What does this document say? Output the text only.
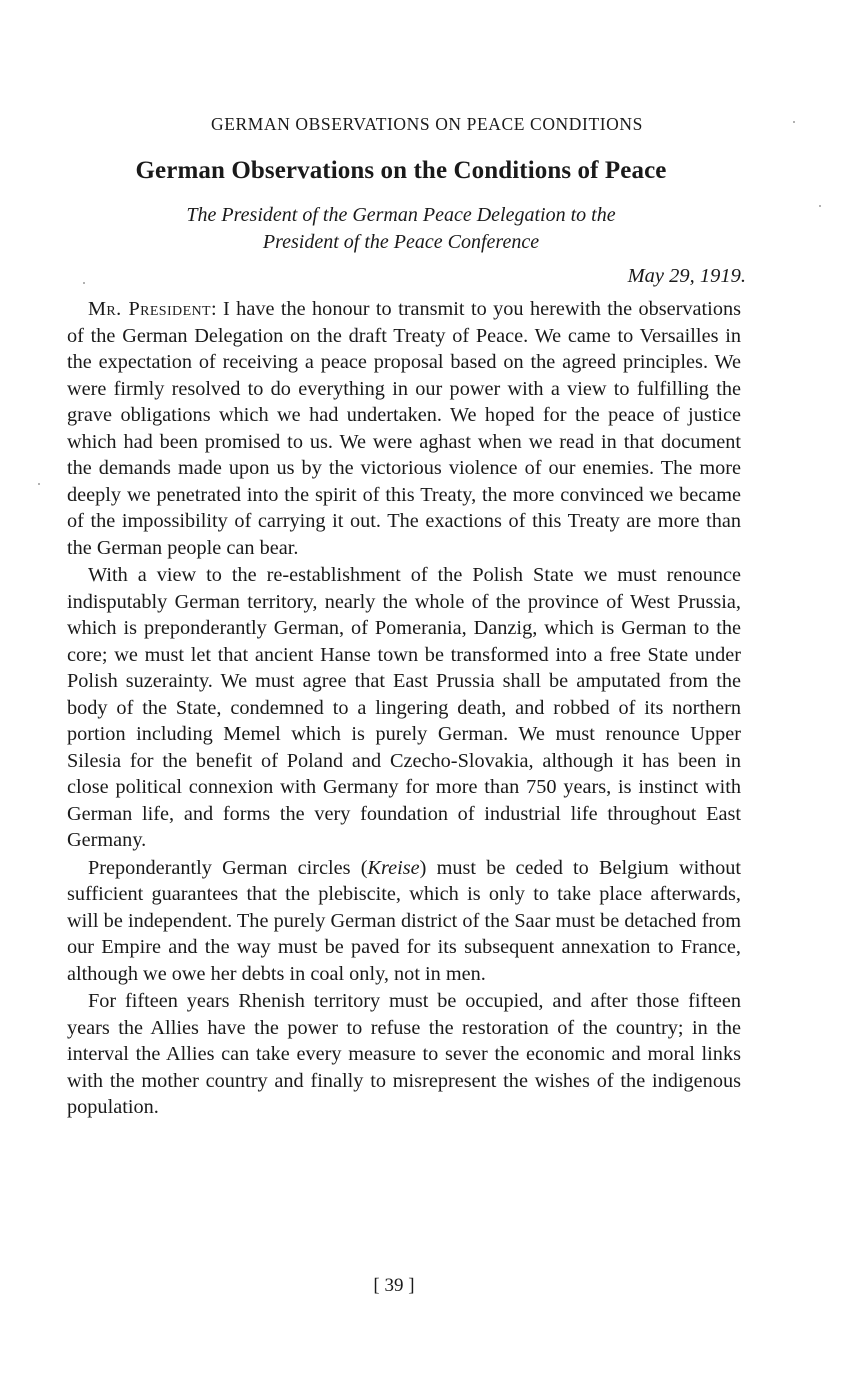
GERMAN OBSERVATIONS ON PEACE CONDITIONS
German Observations on the Conditions of Peace
The President of the German Peace Delegation to the
President of the Peace Conference

May 29, 1919.

Mr. President: I have the honour to transmit to you herewith the observations of the German Delegation on the draft Treaty of Peace. We came to Versailles in the expectation of receiving a peace proposal based on the agreed principles. We were firmly resolved to do everything in our power with a view to fulfilling the grave obligations which we had undertaken. We hoped for the peace of justice which had been promised to us. We were aghast when we read in that document the demands made upon us by the victorious violence of our enemies. The more deeply we penetrated into the spirit of this Treaty, the more convinced we became of the impossibility of carrying it out. The exactions of this Treaty are more than the German people can bear.

With a view to the re-establishment of the Polish State we must renounce indisputably German territory, nearly the whole of the province of West Prussia, which is preponderantly German, of Pomerania, Danzig, which is German to the core; we must let that ancient Hanse town be transformed into a free State under Polish suzerainty. We must agree that East Prussia shall be amputated from the body of the State, condemned to a lingering death, and robbed of its northern portion including Memel which is purely German. We must renounce Upper Silesia for the benefit of Poland and Czecho-Slovakia, although it has been in close political connexion with Germany for more than 750 years, is instinct with German life, and forms the very foundation of industrial life throughout East Germany.

Preponderantly German circles (Kreise) must be ceded to Belgium without sufficient guarantees that the plebiscite, which is only to take place afterwards, will be independent. The purely German district of the Saar must be detached from our Empire and the way must be paved for its subsequent annexation to France, although we owe her debts in coal only, not in men.

For fifteen years Rhenish territory must be occupied, and after those fifteen years the Allies have the power to refuse the restoration of the country; in the interval the Allies can take every measure to sever the economic and moral links with the mother country and finally to misrepresent the wishes of the indigenous population.

[ 39 ]
